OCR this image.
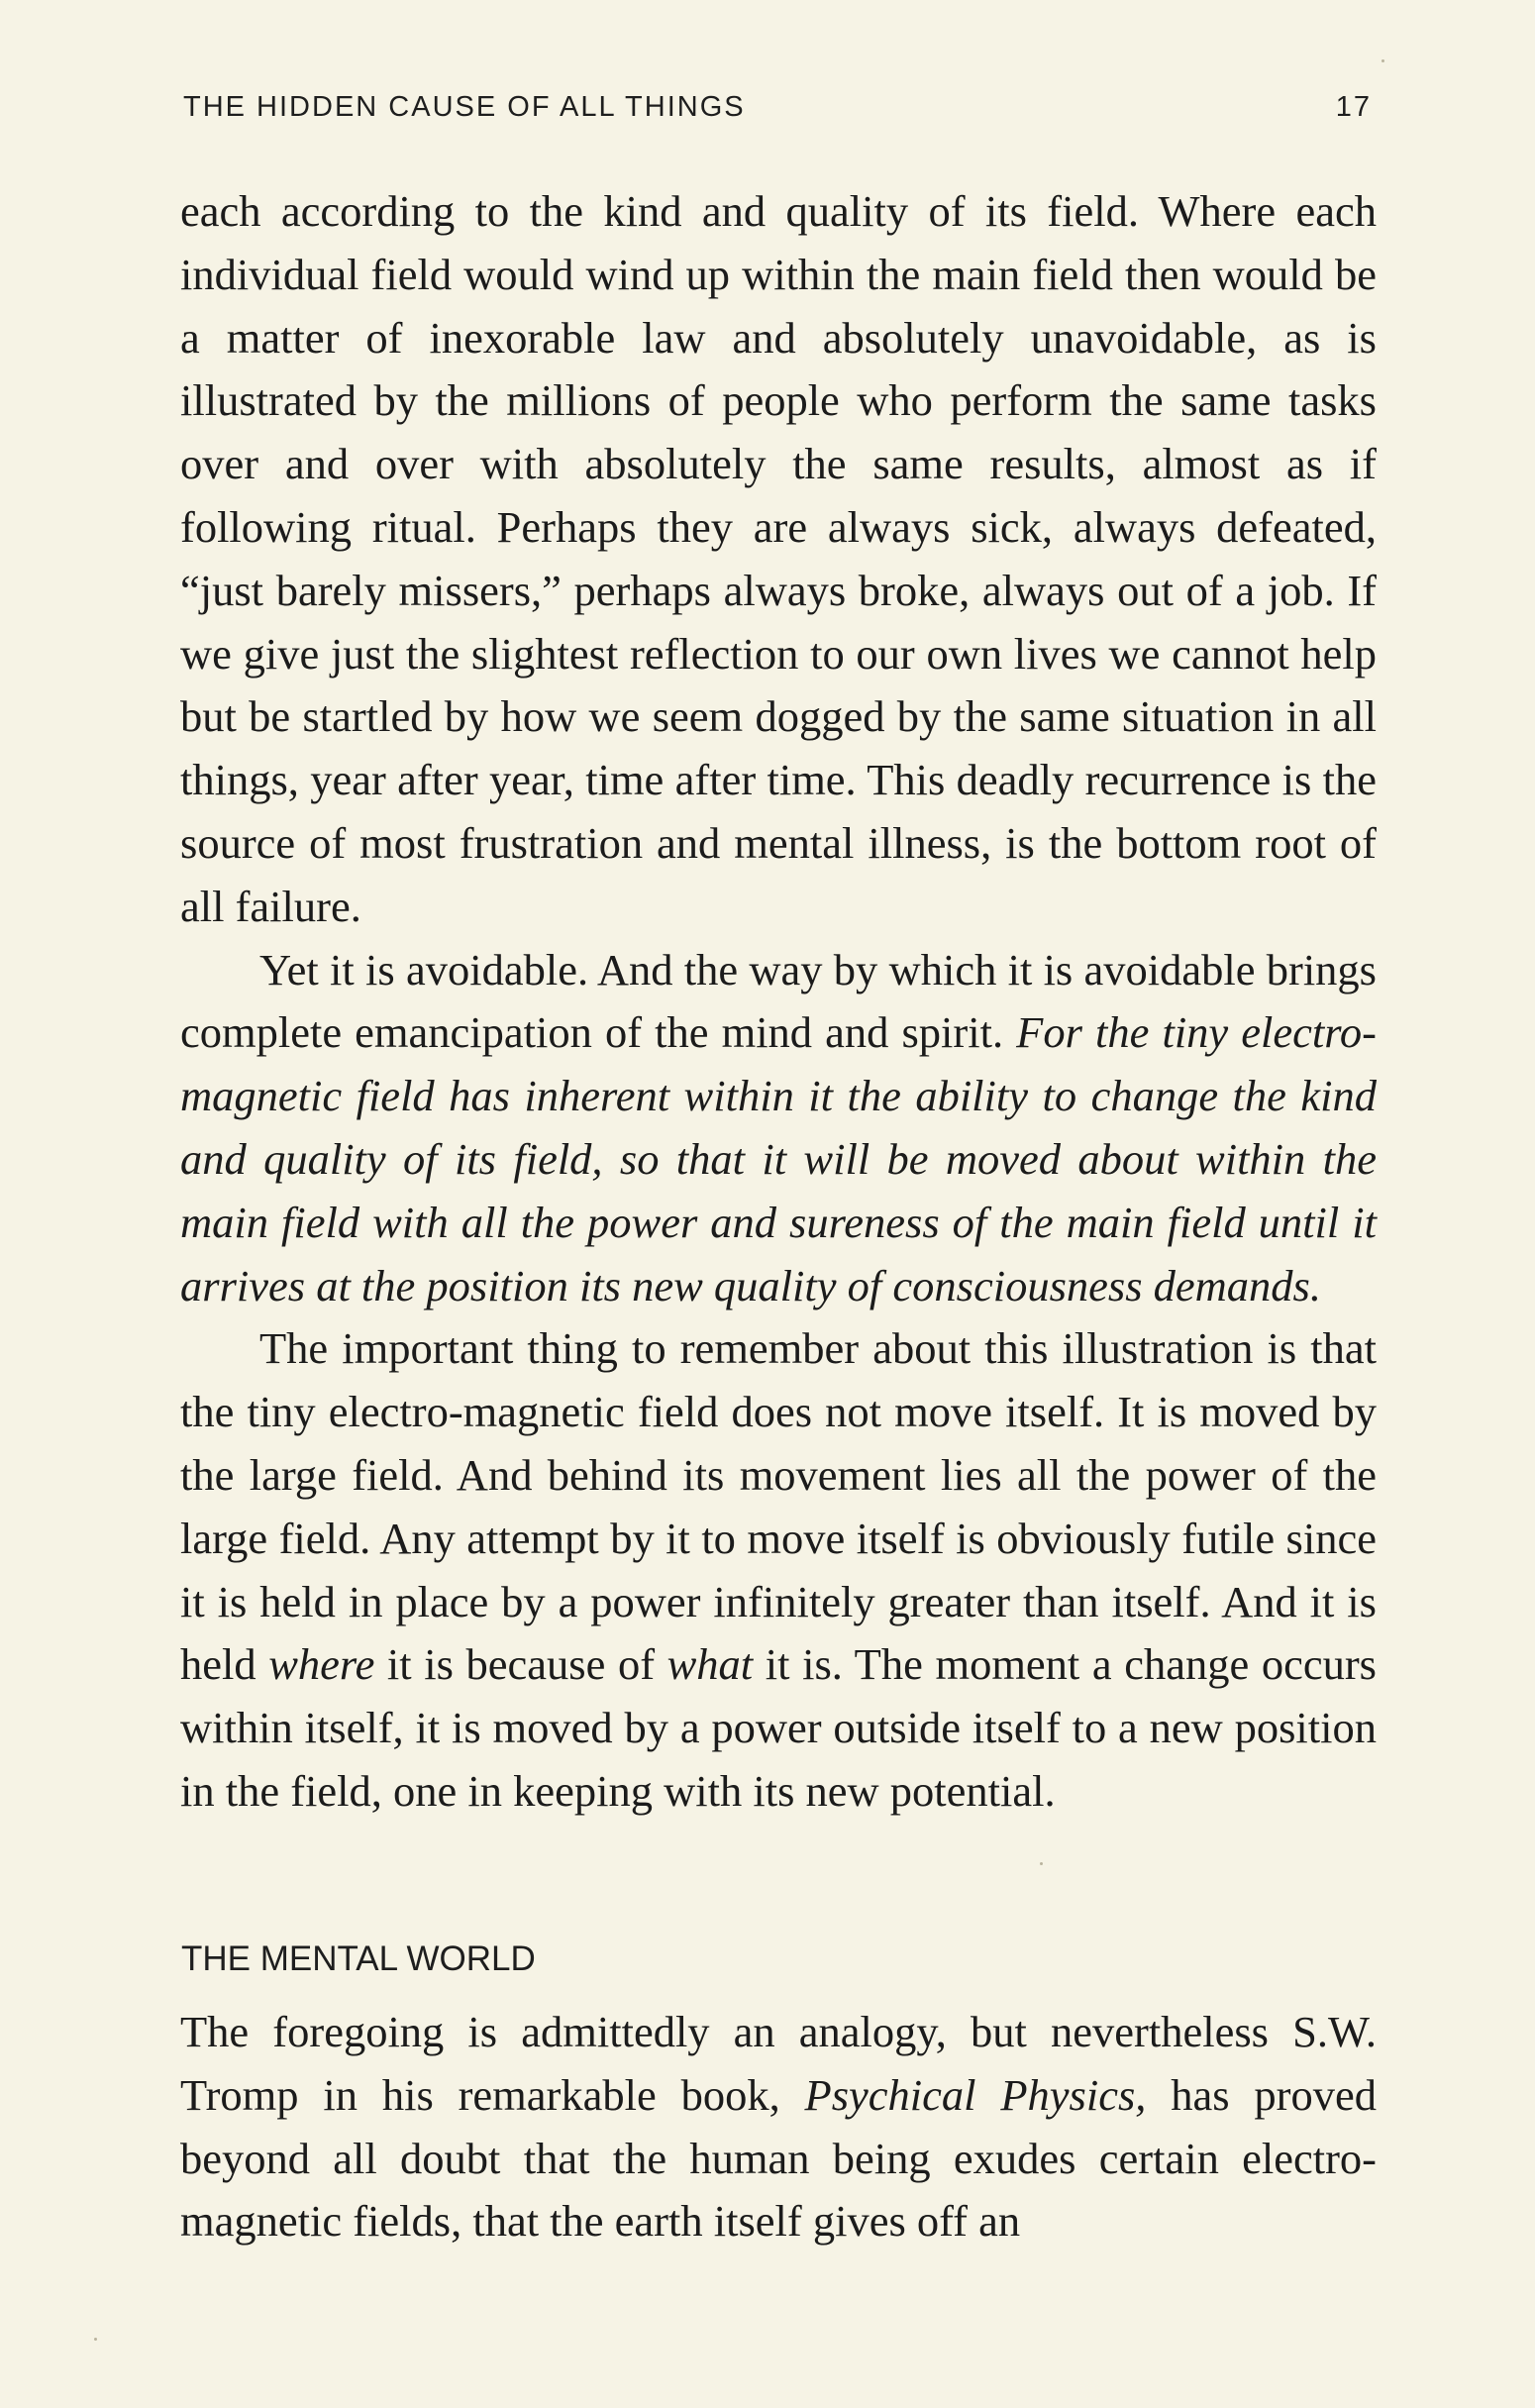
THE HIDDEN CAUSE OF ALL THINGS	17

each according to the kind and quality of its field. Where each individual field would wind up within the main field then would be a matter of inexorable law and absolutely unavoidable, as is illustrated by the millions of people who perform the same tasks over and over with absolutely the same results, almost as if following ritual. Perhaps they are always sick, always defeated, “just barely missers,” perhaps always broke, always out of a job. If we give just the slightest reflection to our own lives we cannot help but be startled by how we seem dogged by the same situation in all things, year after year, time after time. This deadly recurrence is the source of most frustration and mental illness, is the bottom root of all failure.

Yet it is avoidable. And the way by which it is avoidable brings complete emancipation of the mind and spirit. For the tiny electro-magnetic field has inherent within it the ability to change the kind and quality of its field, so that it will be moved about within the main field with all the power and sureness of the main field until it arrives at the position its new quality of consciousness demands.

The important thing to remember about this illustration is that the tiny electro-magnetic field does not move itself. It is moved by the large field. And behind its movement lies all the power of the large field. Any attempt by it to move itself is obviously futile since it is held in place by a power infinitely greater than itself. And it is held where it is because of what it is. The moment a change occurs within itself, it is moved by a power outside itself to a new position in the field, one in keeping with its new potential.

THE MENTAL WORLD

The foregoing is admittedly an analogy, but nevertheless S.W. Tromp in his remarkable book, Psychical Physics, has proved beyond all doubt that the human being exudes certain electro-magnetic fields, that the earth itself gives off an
